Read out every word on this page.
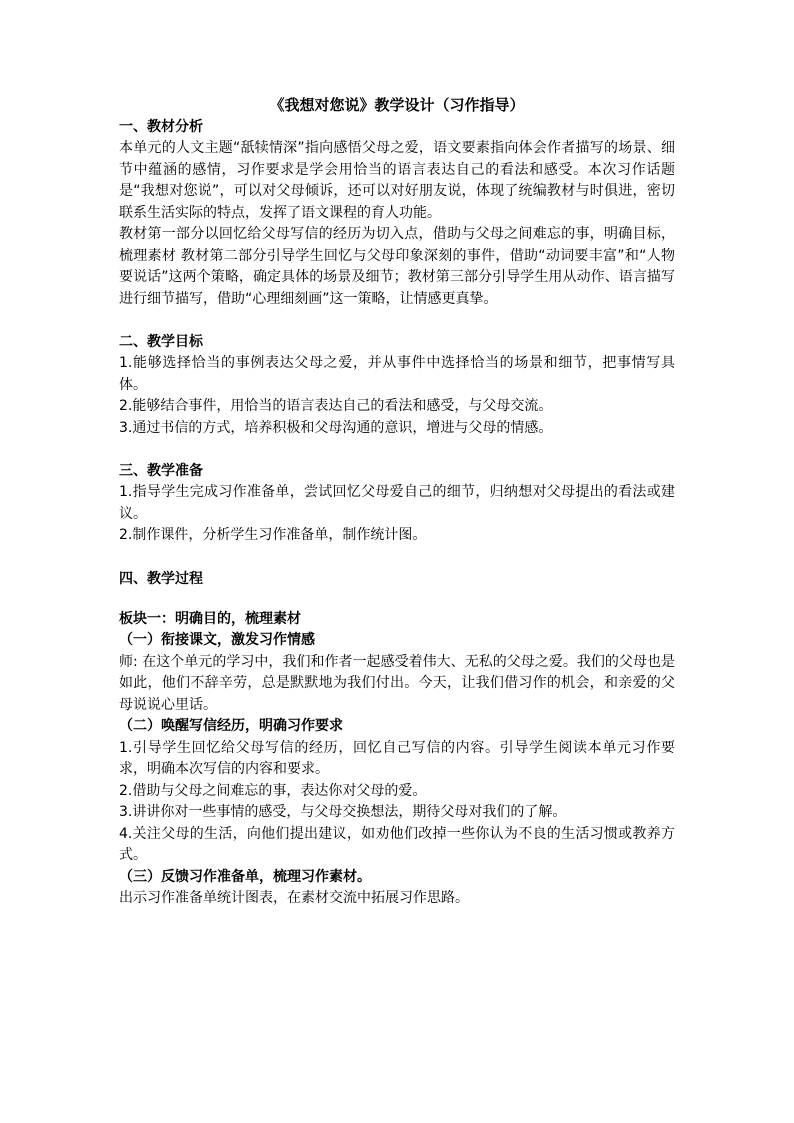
《我想对您说》教学设计（习作指导）

一、教材分析

本单元的人文主题“舐犊情深”指向感悟父母之爱，语文要素指向体会作者描写的场景、细节中蕴涵的感情，习作要求是学会用恰当的语言表达自己的看法和感受。本次习作话题是“我想对您说”，可以对父母倾诉，还可以对好朋友说，体现了统编教材与时俱进，密切联系生活实际的特点，发挥了语文课程的育人功能。

教材第一部分以回忆给父母写信的经历为切入点，借助与父母之间难忘的事，明确目标，梳理素材 教材第二部分引导学生回忆与父母印象深刻的事件，借助“动词要丰富”和“人物要说话”这两个策略，确定具体的场景及细节；教材第三部分引导学生用从动作、语言描写进行细节描写，借助“心理细刻画”这一策略，让情感更真挚。

二、教学目标

1.能够选择恰当的事例表达父母之爱，并从事件中选择恰当的场景和细节，把事情写具体。

2.能够结合事件，用恰当的语言表达自己的看法和感受，与父母交流。

3.通过书信的方式，培养积极和父母沟通的意识，增进与父母的情感。

三、教学准备

1.指导学生完成习作准备单，尝试回忆父母爱自己的细节，归纳想对父母提出的看法或建议。

2.制作课件，分析学生习作准备单，制作统计图。

四、教学过程

板块一：明确目的，梳理素材

（一）衔接课文，激发习作情感

师: 在这个单元的学习中，我们和作者一起感受着伟大、无私的父母之爱。我们的父母也是如此，他们不辞辛劳，总是默默地为我们付出。今天，让我们借习作的机会，和亲爱的父母说说心里话。

（二）唤醒写信经历，明确习作要求

1.引导学生回忆给父母写信的经历，回忆自己写信的内容。引导学生阅读本单元习作要求，明确本次写信的内容和要求。

2.借助与父母之间难忘的事，表达你对父母的爱。

3.讲讲你对一些事情的感受，与父母交换想法，期待父母对我们的了解。

4.关注父母的生活，向他们提出建议，如劝他们改掉一些你认为不良的生活习惯或教养方式。

（三）反馈习作准备单，梳理习作素材。

出示习作准备单统计图表，在素材交流中拓展习作思路。
